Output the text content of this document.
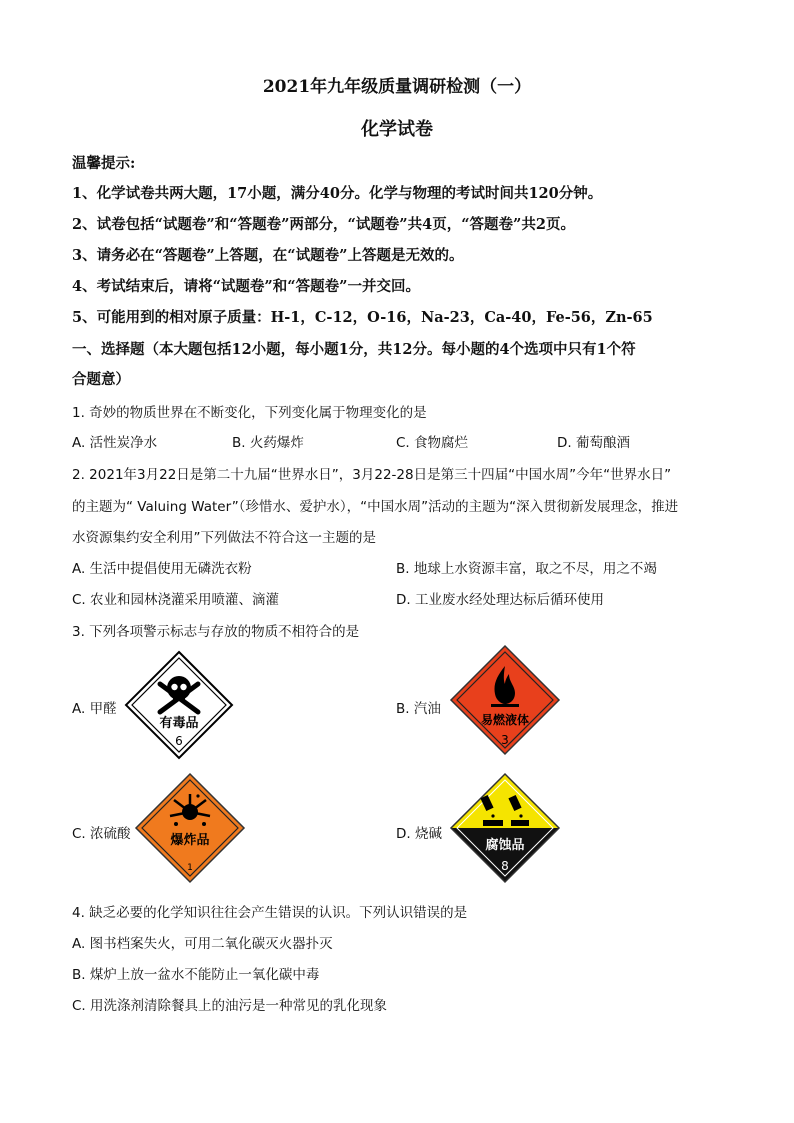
2021年九年级质量调研检测（一）
化学试卷
温馨提示:
1、化学试卷共两大题，17小题，满分40分。化学与物理的考试时间共120分钟。
2、试卷包括“试题卷”和“答题卷”两部分，“试题卷”共4页，“答题卷”共2页。
3、请务必在“答题卷”上答题，在“试题卷”上答题是无效的。
4、考试结束后，请将“试题卷”和“答题卷”一并交回。
5、可能用到的相对原子质量：H-1，C-12，O-16，Na-23，Ca-40，Fe-56，Zn-65
一、选择题（本大题包括12小题，每小题1分，共12分。每小题的4个选项中只有1个符
合题意）
1. 奇妙的物质世界在不断变化，下列变化属于物理变化的是
A. 活性炭净水	B. 火药爆炸	C. 食物腐烂	D. 葡萄酿酒
2. 2021年3月22日是第二十九届“世界水日”，3月22-28日是第三十四届“中国水周”今年“世界水日”
的主题为“ Valuing Water”（珍惜水、爱护水），“中国水周”活动的主题为“深入贯彻新发展理念，推进
水资源集约安全利用”下列做法不符合这一主题的是
A. 生活中提倡使用无磷洗衣粉	B. 地球上水资源丰富，取之不尽，用之不竭
C. 农业和园林浇灌采用喷灌、滴灌	D. 工业废水经处理达标后循环使用
3. 下列各项警示标志与存放的物质不相符合的是
A. 甲醛
有毒品
6
B. 汽油
易燃液体
3
C. 浓硫酸	爆炸品
1
D. 烧碱
腐蚀品
8
4. 缺乏必要的化学知识往往会产生错误的认识。下列认识错误的是
A. 图书档案失火，可用二氧化碳灭火器扑灭
B. 煤炉上放一盆水不能防止一氧化碳中毒
C. 用洗涤剂清除餐具上的油污是一种常见的乳化现象
